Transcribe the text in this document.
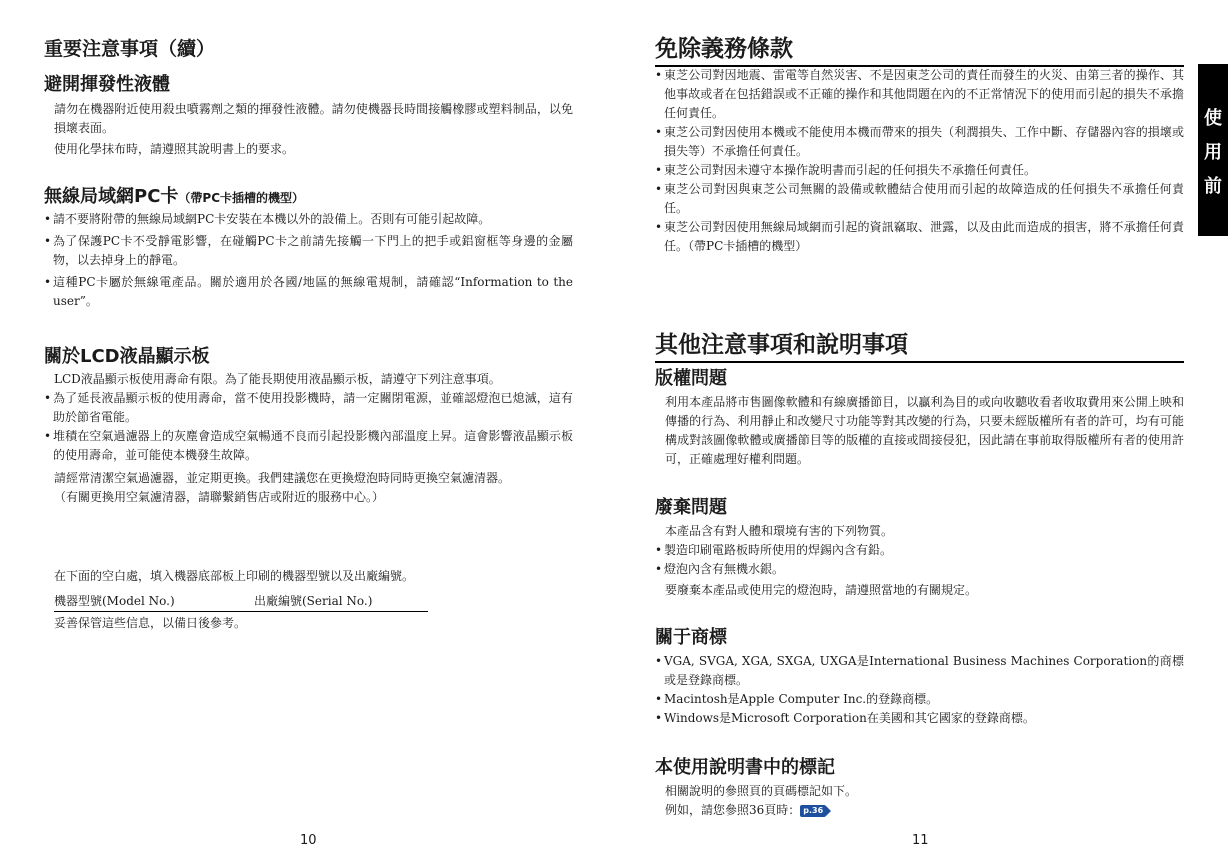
重要注意事項（續）
避開揮發性液體

請勿在機器附近使用殺虫噴霧劑之類的揮發性液體。請勿使機器長時間接觸橡膠或塑料制品，以免損壞表面。

使用化學抹布時，請遵照其說明書上的要求。

無線局域網PC卡（帶PC卡插槽的機型）
• 請不要將附帶的無線局域網PC卡安裝在本機以外的設備上。否則有可能引起故障。
• 為了保護PC卡不受靜電影響，在碰觸PC卡之前請先接觸一下門上的把手或鋁窗框等身邊的金屬物，以去掉身上的靜電。
• 這種PC卡屬於無線電產品。關於適用於各國/地區的無線電規制，請確認“Information to the user”。
關於LCD液晶顯示板

LCD液晶顯示板使用壽命有限。為了能長期使用液晶顯示板，請遵守下列注意事項。

• 為了延長液晶顯示板的使用壽命，當不使用投影機時，請一定關閉電源，並確認燈泡已熄滅，這有助於節省電能。
• 堆積在空氣過濾器上的灰塵會造成空氣暢通不良而引起投影機內部溫度上昇。這會影響液晶顯示板的使用壽命，並可能使本機發生故障。

請經常清潔空氣過濾器，並定期更換。我們建議您在更換燈泡時同時更換空氣濾清器。

（有關更換用空氣濾清器，請聯繫銷售店或附近的服務中心。）

在下面的空白處，填入機器底部板上印刷的機器型號以及出廠編號。

機器型號(Model No.)	出廠編號(Serial No.)

妥善保管這些信息，以備日後參考。

10
免除義務條款
• 東芝公司對因地震、雷電等自然災害、不是因東芝公司的責任而發生的火災、由第三者的操作、其他事故或者在包括錯誤或不正確的操作和其他問題在內的不正常情況下的使用而引起的損失不承擔任何責任。
• 東芝公司對因使用本機或不能使用本機而帶來的損失（利潤損失、工作中斷、存儲器內容的損壞或損失等）不承擔任何責任。
• 東芝公司對因未遵守本操作說明書而引起的任何損失不承擔任何責任。
• 東芝公司對因與東芝公司無關的設備或軟體結合使用而引起的故障造成的任何損失不承擔任何責任。
• 東芝公司對因使用無線局域網而引起的資訊竊取、泄露，以及由此而造成的損害，將不承擔任何責任。（帶PC卡插槽的機型）
其他注意事項和說明事項
版權問題

利用本產品將市售圖像軟體和有線廣播節目，以贏利為目的或向收聽收看者收取費用來公開上映和傳播的行為、利用靜止和改變尺寸功能等對其改變的行為，只要未經版權所有者的許可，均有可能構成對該圖像軟體或廣播節目等的版權的直接或間接侵犯，因此請在事前取得版權所有者的使用許可，正確處理好權利問題。

廢棄問題

本產品含有對人體和環境有害的下列物質。

• 製造印刷電路板時所使用的焊錫內含有鉛。
• 燈泡內含有無機水銀。

要廢棄本產品或使用完的燈泡時，請遵照當地的有關規定。

關于商標
• VGA, SVGA, XGA, SXGA, UXGA是International Business Machines Corporation的商標或是登錄商標。
• Macintosh是Apple Computer Inc.的登錄商標。
• Windows是Microsoft Corporation在美國和其它國家的登錄商標。
本使用說明書中的標記

相關說明的參照頁的頁碼標記如下。

例如，請您參照36頁時： p.36

使
用
前
11
